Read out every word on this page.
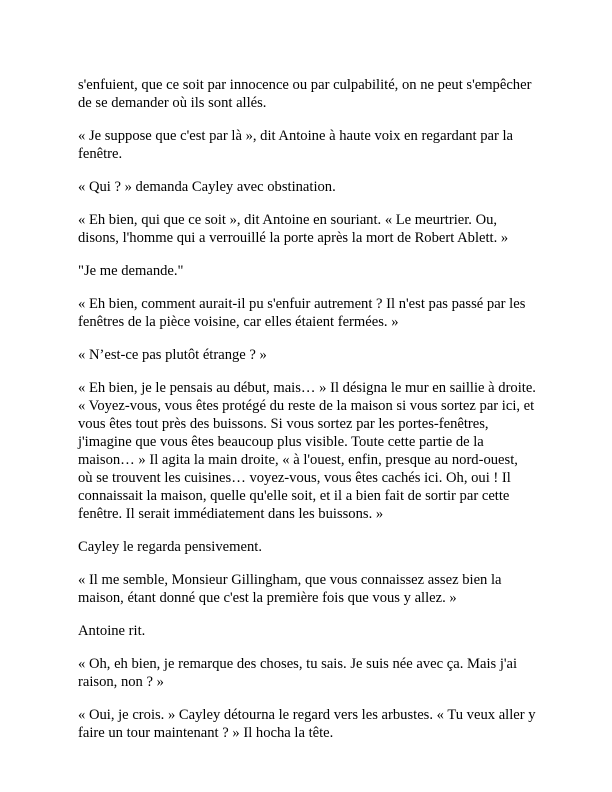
s'enfuient, que ce soit par innocence ou par culpabilité, on ne peut s'empêcher de se demander où ils sont allés.

« Je suppose que c'est par là », dit Antoine à haute voix en regardant par la fenêtre.

« Qui ? » demanda Cayley avec obstination.

« Eh bien, qui que ce soit », dit Antoine en souriant. « Le meurtrier. Ou, disons, l'homme qui a verrouillé la porte après la mort de Robert Ablett. »

"Je me demande."

« Eh bien, comment aurait-il pu s'enfuir autrement ? Il n'est pas passé par les fenêtres de la pièce voisine, car elles étaient fermées. »

« N’est-ce pas plutôt étrange ? »

« Eh bien, je le pensais au début, mais… » Il désigna le mur en saillie à droite. « Voyez-vous, vous êtes protégé du reste de la maison si vous sortez par ici, et vous êtes tout près des buissons. Si vous sortez par les portes-fenêtres, j'imagine que vous êtes beaucoup plus visible. Toute cette partie de la maison… » Il agita la main droite, « à l'ouest, enfin, presque au nord-ouest, où se trouvent les cuisines… voyez-vous, vous êtes cachés ici. Oh, oui ! Il connaissait la maison, quelle qu'elle soit, et il a bien fait de sortir par cette fenêtre. Il serait immédiatement dans les buissons. »

Cayley le regarda pensivement.

« Il me semble, Monsieur Gillingham, que vous connaissez assez bien la maison, étant donné que c'est la première fois que vous y allez. »

Antoine rit.

« Oh, eh bien, je remarque des choses, tu sais. Je suis née avec ça. Mais j'ai raison, non ? »

« Oui, je crois. » Cayley détourna le regard vers les arbustes. « Tu veux aller y faire un tour maintenant ? » Il hocha la tête.
